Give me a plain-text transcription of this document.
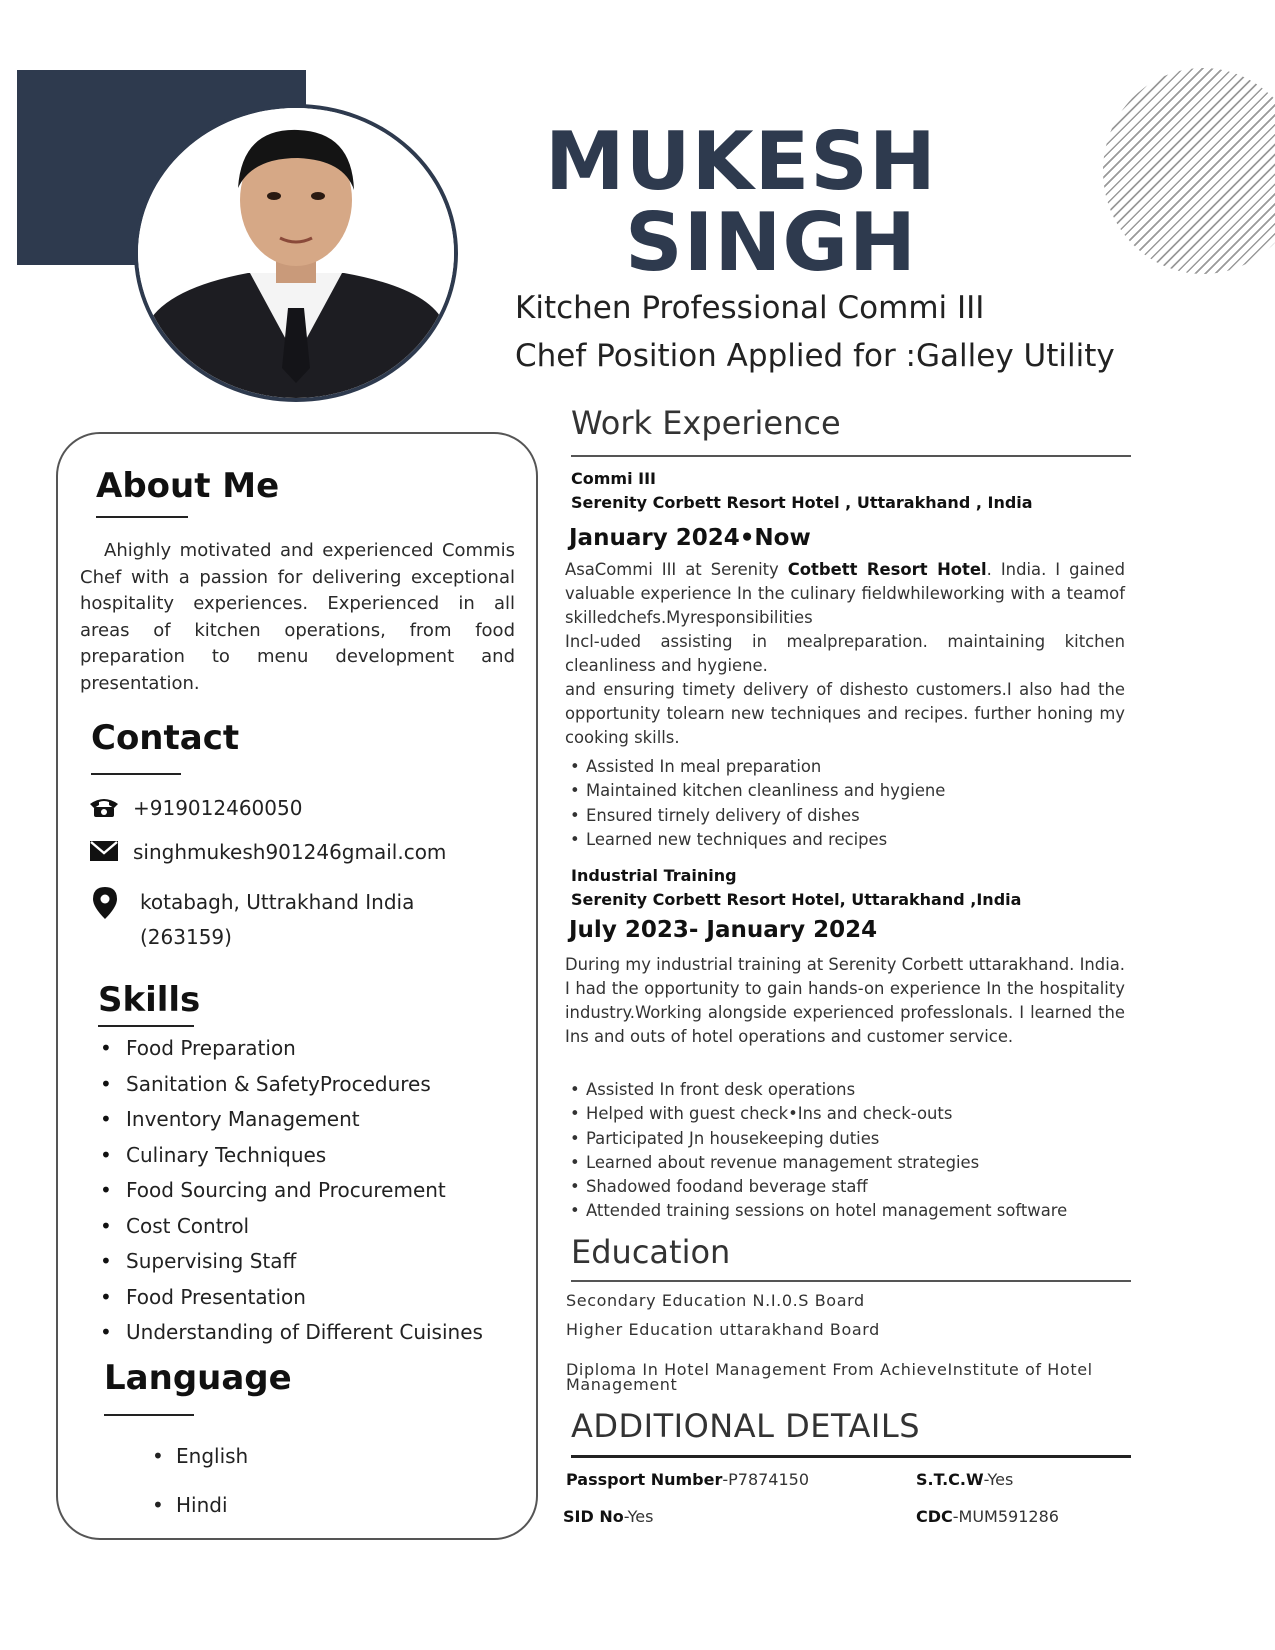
MUKESH
SINGH
Kitchen Professional Commi III
Chef Position Applied for :Galley Utility
About Me
Ahighly motivated and experienced Commis Chef with a passion for delivering exceptional hospitality experiences. Experienced in all areas of kitchen operations, from food preparation to menu development and presentation.
Contact
+919012460050
singhmukesh901246gmail.com
kotabagh, Uttrakhand India
(263159)
Skills
• Food Preparation
• Sanitation & SafetyProcedures
• Inventory Management
• Culinary Techniques
• Food Sourcing and Procurement
• Cost Control
• Supervising Staff
• Food Presentation
• Understanding of Different Cuisines
Language
• English
• Hindi
Work Experience
Commi III
Serenity Corbett Resort Hotel , Uttarakhand , India
January 2024•Now
AsaCommi III at Serenity Cotbett Resort Hotel. India. I gained valuable experience In the culinary fieldwhileworking with a teamof skilledchefs.Myresponsibilities
Incl-uded assisting in mealpreparation. maintaining kitchen cleanliness and hygiene.
and ensuring timety delivery of dishesto customers.I also had the opportunity tolearn new techniques and recipes. further honing my cooking skills.
• Assisted In meal preparation
• Maintained kitchen cleanliness and hygiene
• Ensured tirnely delivery of dishes
• Learned new techniques and recipes
Industrial Training
Serenity Corbett Resort Hotel, Uttarakhand ,India
July 2023- January 2024
During my industrial training at Serenity Corbett uttarakhand. India. I had the opportunity to gain hands-on experience In the hospitality industry.Working alongside experienced professlonals. I learned the Ins and outs of hotel operations and customer service.
• Assisted In front desk operations
• Helped with guest check•Ins and check-outs
• Participated Jn housekeeping duties
• Learned about revenue management strategies
• Shadowed foodand beverage staff
• Attended training sessions on hotel management software
Education
Secondary Education N.I.0.S Board
Higher Education uttarakhand Board
Diploma In Hotel Management From AchieveInstitute of Hotel Management
ADDITIONAL DETAILS
Passport Number-P7874150	S.T.C.W-Yes
SID No-Yes	CDC-MUM591286
